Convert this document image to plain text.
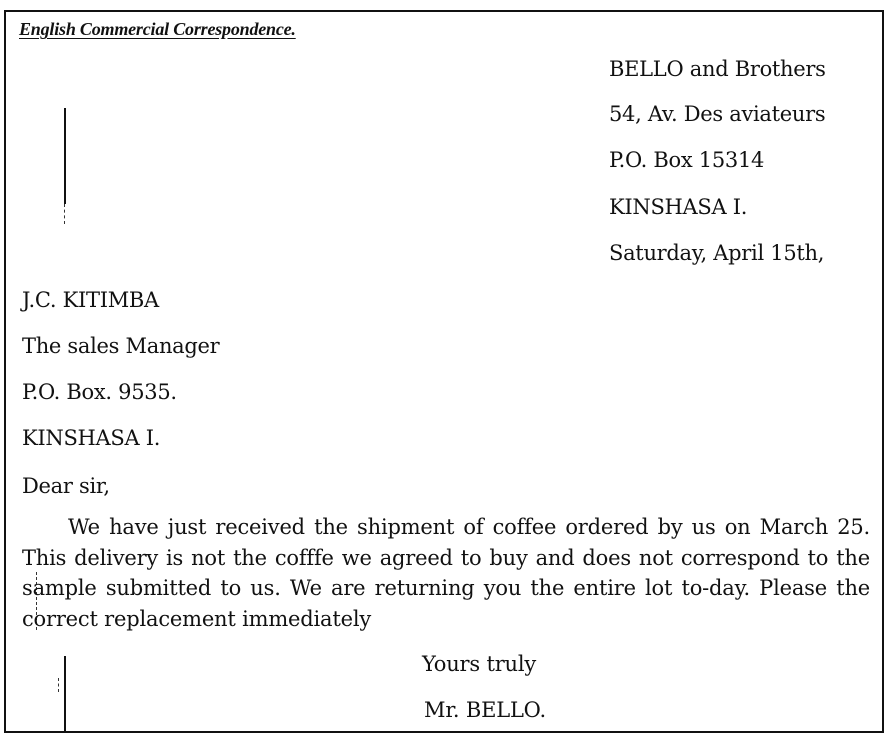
English Commercial Correspondence.
BELLO and Brothers
54, Av. Des aviateurs
P.O. Box 15314
KINSHASA I.
Saturday, April 15th,
J.C. KITIMBA
The sales Manager
P.O. Box. 9535.
KINSHASA I.
Dear sir,
We have just received the shipment of coffee ordered by us on March 25. This delivery is not the cofffe we agreed to buy and does not correspond to the sample submitted to us. We are returning you the entire lot to-day. Please the correct replacement immediately
Yours truly
Mr. BELLO.
